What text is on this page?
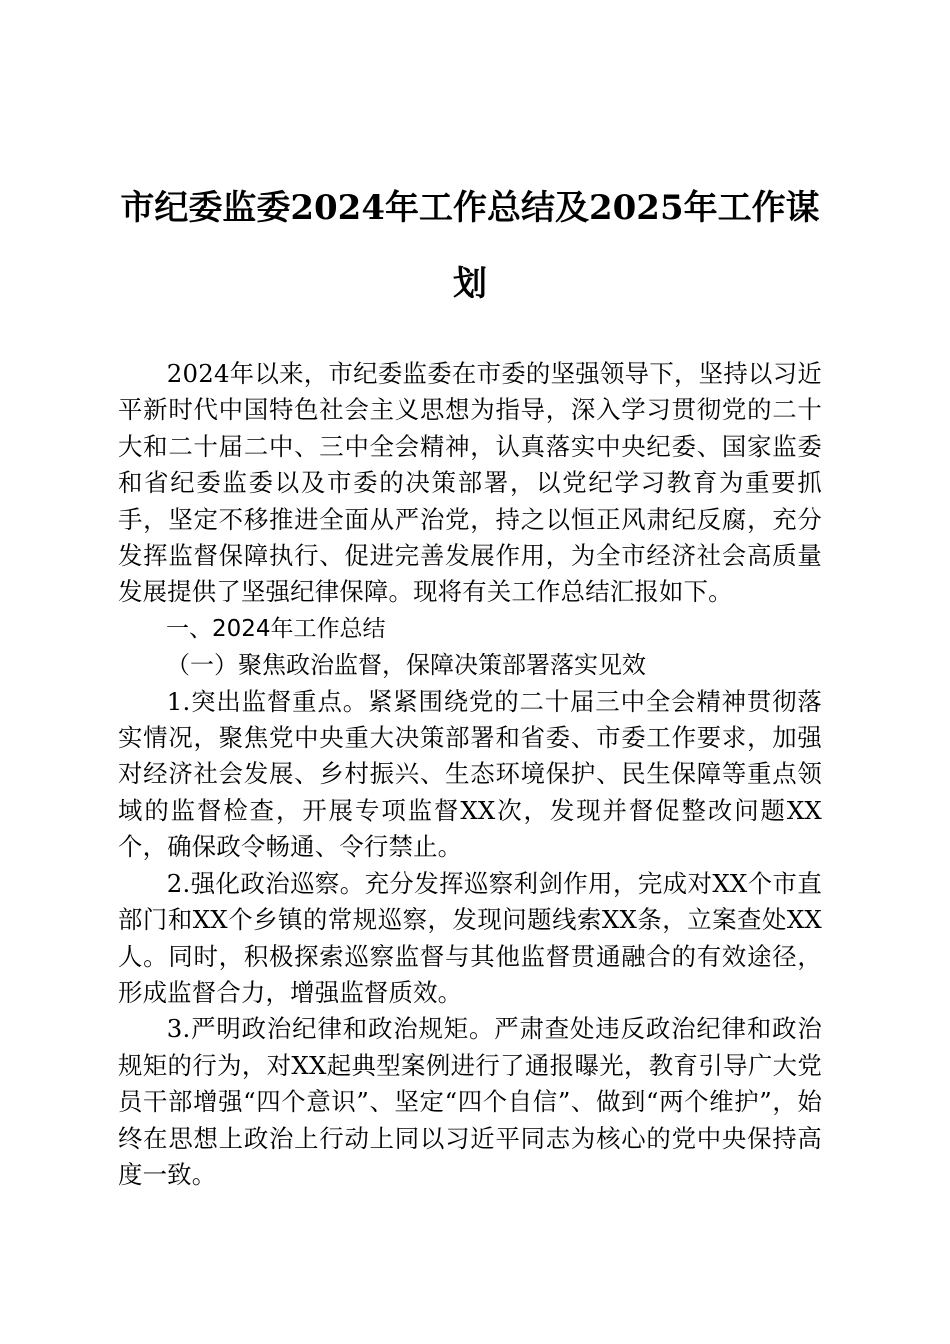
市纪委监委2024年工作总结及2025年工作谋划

2024年以来，市纪委监委在市委的坚强领导下，坚持以习近平新时代中国特色社会主义思想为指导，深入学习贯彻党的二十大和二十届二中、三中全会精神，认真落实中央纪委、国家监委和省纪委监委以及市委的决策部署，以党纪学习教育为重要抓手，坚定不移推进全面从严治党，持之以恒正风肃纪反腐，充分发挥监督保障执行、促进完善发展作用，为全市经济社会高质量发展提供了坚强纪律保障。现将有关工作总结汇报如下。

一、2024年工作总结

（一）聚焦政治监督，保障决策部署落实见效

1.突出监督重点。紧紧围绕党的二十届三中全会精神贯彻落实情况，聚焦党中央重大决策部署和省委、市委工作要求，加强对经济社会发展、乡村振兴、生态环境保护、民生保障等重点领域的监督检查，开展专项监督XX次，发现并督促整改问题XX个，确保政令畅通、令行禁止。

2.强化政治巡察。充分发挥巡察利剑作用，完成对XX个市直部门和XX个乡镇的常规巡察，发现问题线索XX条，立案查处XX人。同时，积极探索巡察监督与其他监督贯通融合的有效途径，形成监督合力，增强监督质效。

3.严明政治纪律和政治规矩。严肃查处违反政治纪律和政治规矩的行为，对XX起典型案例进行了通报曝光，教育引导广大党员干部增强“四个意识”、坚定“四个自信”、做到“两个维护”，始终在思想上政治上行动上同以习近平同志为核心的党中央保持高度一致。
